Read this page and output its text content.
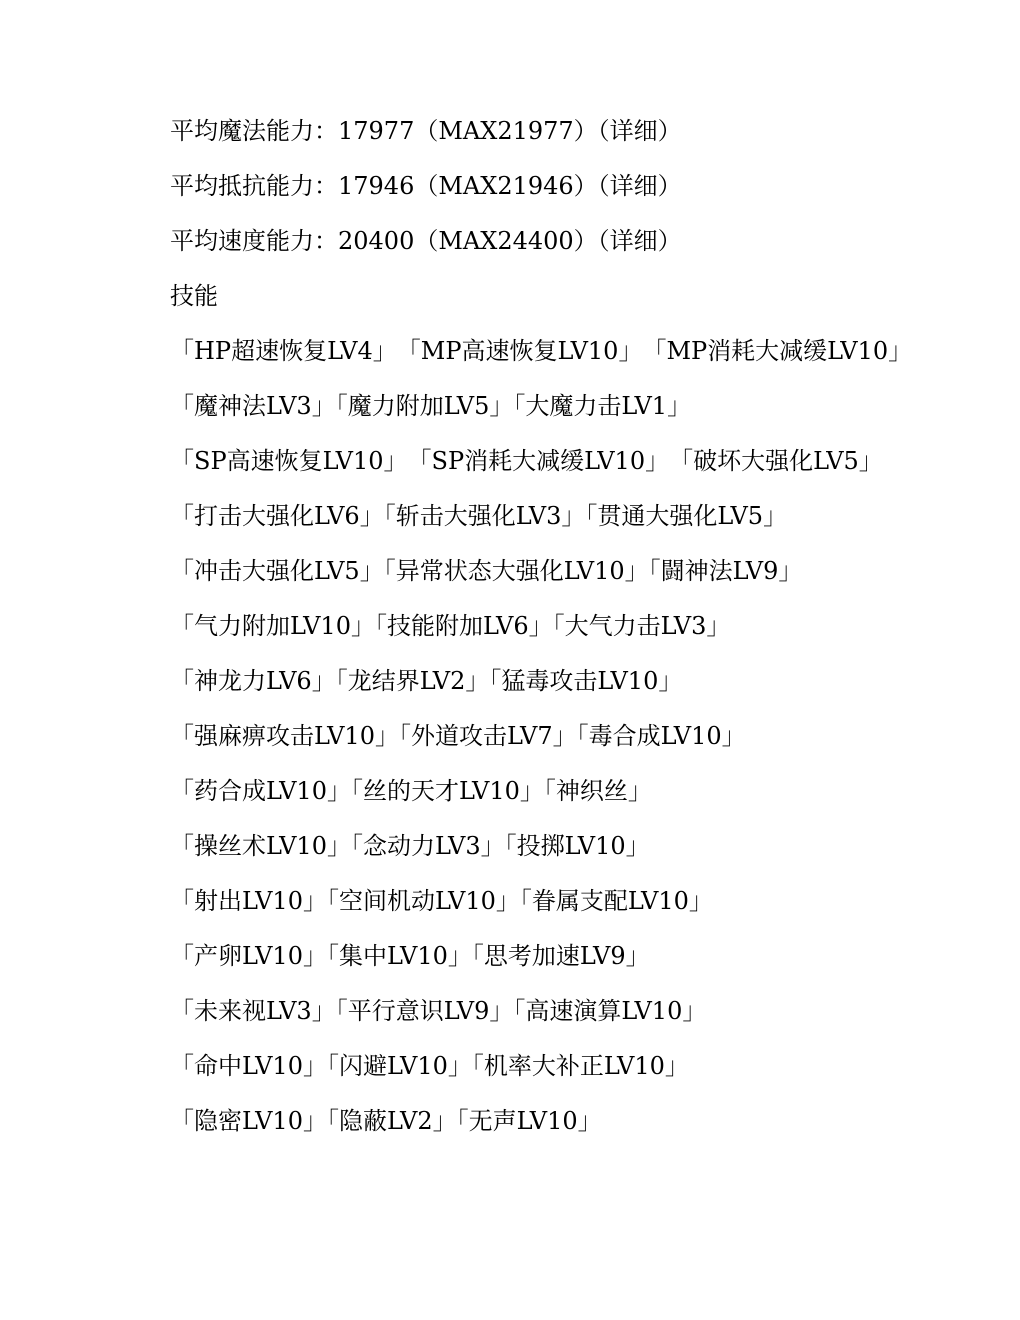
平均魔法能力：17977（MAX21977）（详细）

平均抵抗能力：17946（MAX21946）（详细）

平均速度能力：20400（MAX24400）（详细）

技能

「HP超速恢复LV4」　「MP高速恢复LV10」　「MP消耗大减缓LV10」

「魔神法LV3」「魔力附加LV5」「大魔力击LV1」

「SP高速恢复LV10」　「SP消耗大减缓LV10」　「破坏大强化LV5」

「打击大强化LV6」「斩击大强化LV3」「贯通大强化LV5」

「冲击大强化LV5」「异常状态大强化LV10」「闘神法LV9」

「气力附加LV10」「技能附加LV6」「大气力击LV3」

「神龙力LV6」「龙结界LV2」「猛毒攻击LV10」

「强麻痹攻击LV10」「外道攻击LV7」「毒合成LV10」

「药合成LV10」「丝的天才LV10」「神织丝」

「操丝术LV10」「念动力LV3」「投掷LV10」

「射出LV10」「空间机动LV10」「眷属支配LV10」

「产卵LV10」「集中LV10」「思考加速LV9」

「未来视LV3」「平行意识LV9」「高速演算LV10」

「命中LV10」「闪避LV10」「机率大补正LV10」

「隐密LV10」「隐蔽LV2」「无声LV10」
